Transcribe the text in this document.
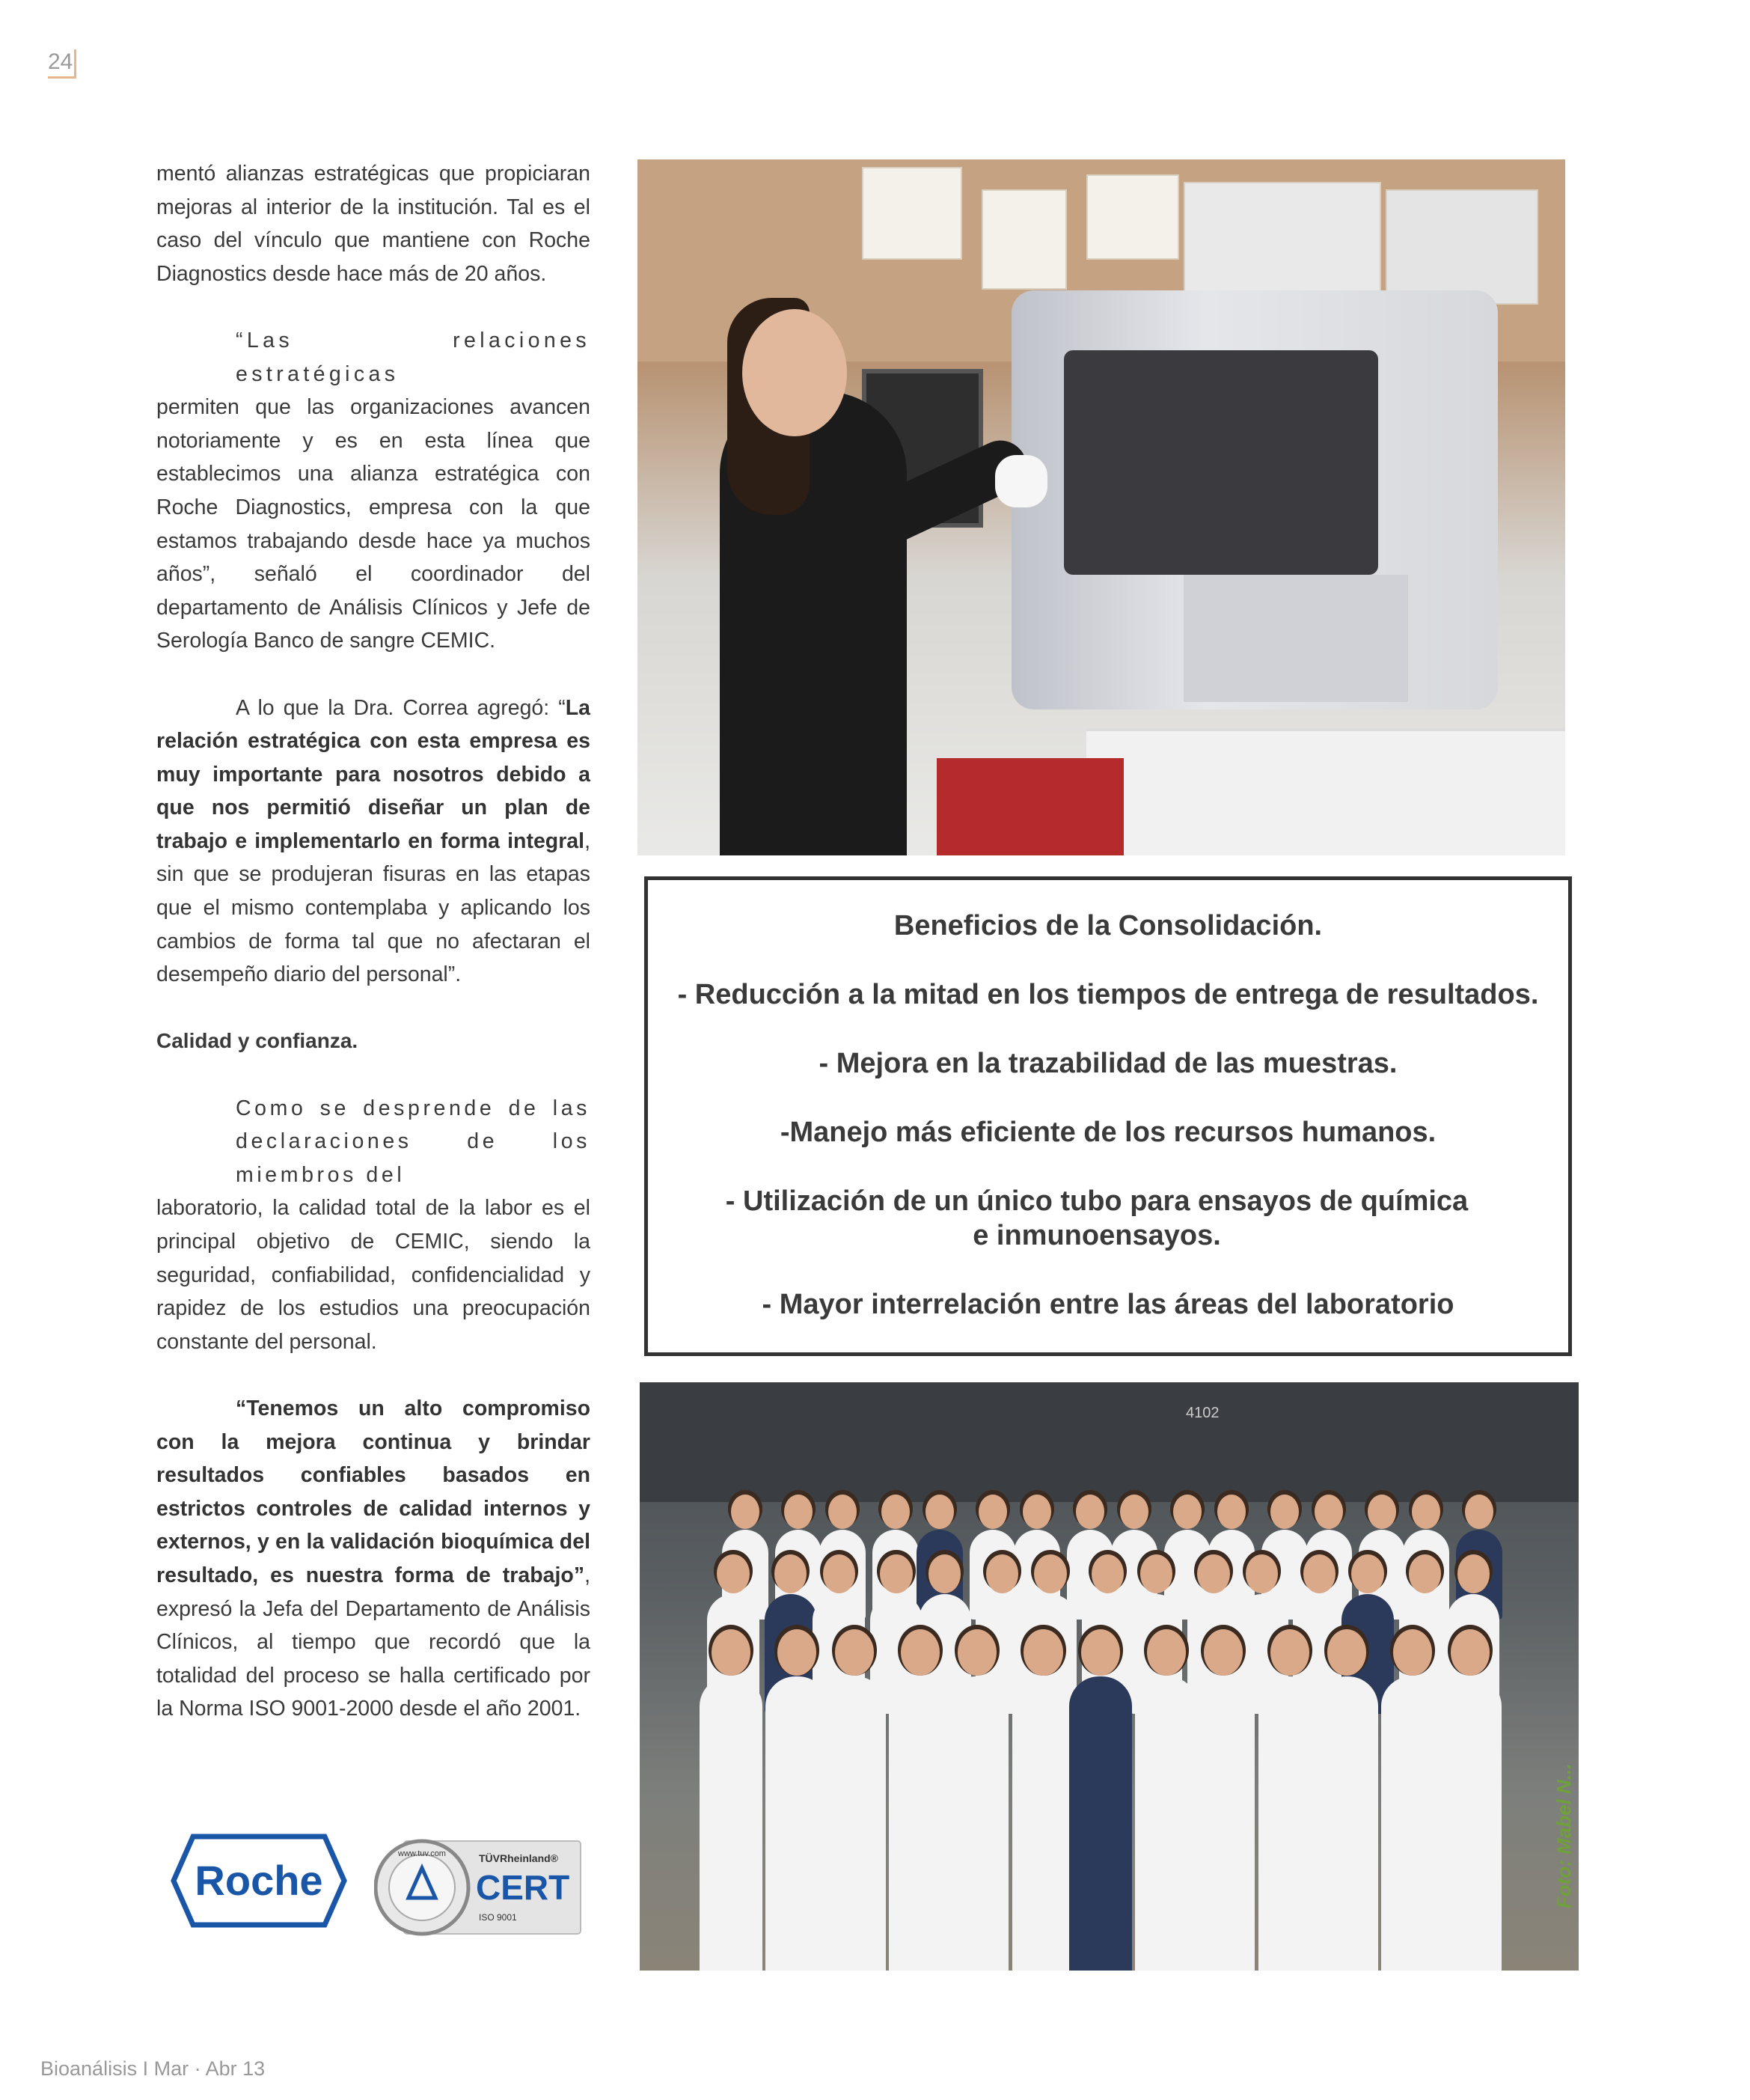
24

mentó alianzas estratégicas que propiciaran mejoras al interior de la institución. Tal es el caso del vínculo que mantiene con Roche Diagnostics desde hace más de 20 años.

“Las relaciones estratégicas permiten que las organizaciones avancen notoriamente y es en esta línea que establecimos una alianza estratégica con Roche Diagnostics, empresa con la que estamos trabajando desde hace ya muchos años”, señaló el coordinador del departamento de Análisis Clínicos y Jefe de Serología Banco de sangre CEMIC.

A lo que la Dra. Correa agregó: “La relación estratégica con esta empresa es muy importante para nosotros debido a que nos permitió diseñar un plan de trabajo e implementarlo en forma integral, sin que se produjeran fisuras en las etapas que el mismo contemplaba y aplicando los cambios de forma tal que no afectaran el desempeño diario del personal”.

Calidad y confianza.

Como se desprende de las declaraciones de los miembros del laboratorio, la calidad total de la labor es el principal objetivo de CEMIC, siendo la seguridad, confiabilidad, confidencialidad y rapidez de los estudios una preocupación constante del personal.

“Tenemos un alto compromiso con la mejora continua y brindar resultados confiables basados en estrictos controles de calidad internos y externos, y en la validación bioquímica del resultado, es nuestra forma de trabajo”, expresó la Jefa del Departamento de Análisis Clínicos, al tiempo que recordó que la totalidad del proceso se halla certificado por la Norma ISO 9001-2000 desde el año 2001.

Beneficios de la Consolidación.
- Reducción a la mitad en los tiempos de entrega de resultados.
- Mejora en la trazabilidad de las muestras.
-Manejo más eficiente de los recursos humanos.
- Utilización de un único tubo para ensayos de química e inmunoensayos.
- Mayor interrelación entre las áreas del laboratorio
4102
Foto: Mabel N...
Roche
www.tuv.com	TÜVRheinland®
CERT
ISO 9001
Bioanálisis I Mar · Abr 13
